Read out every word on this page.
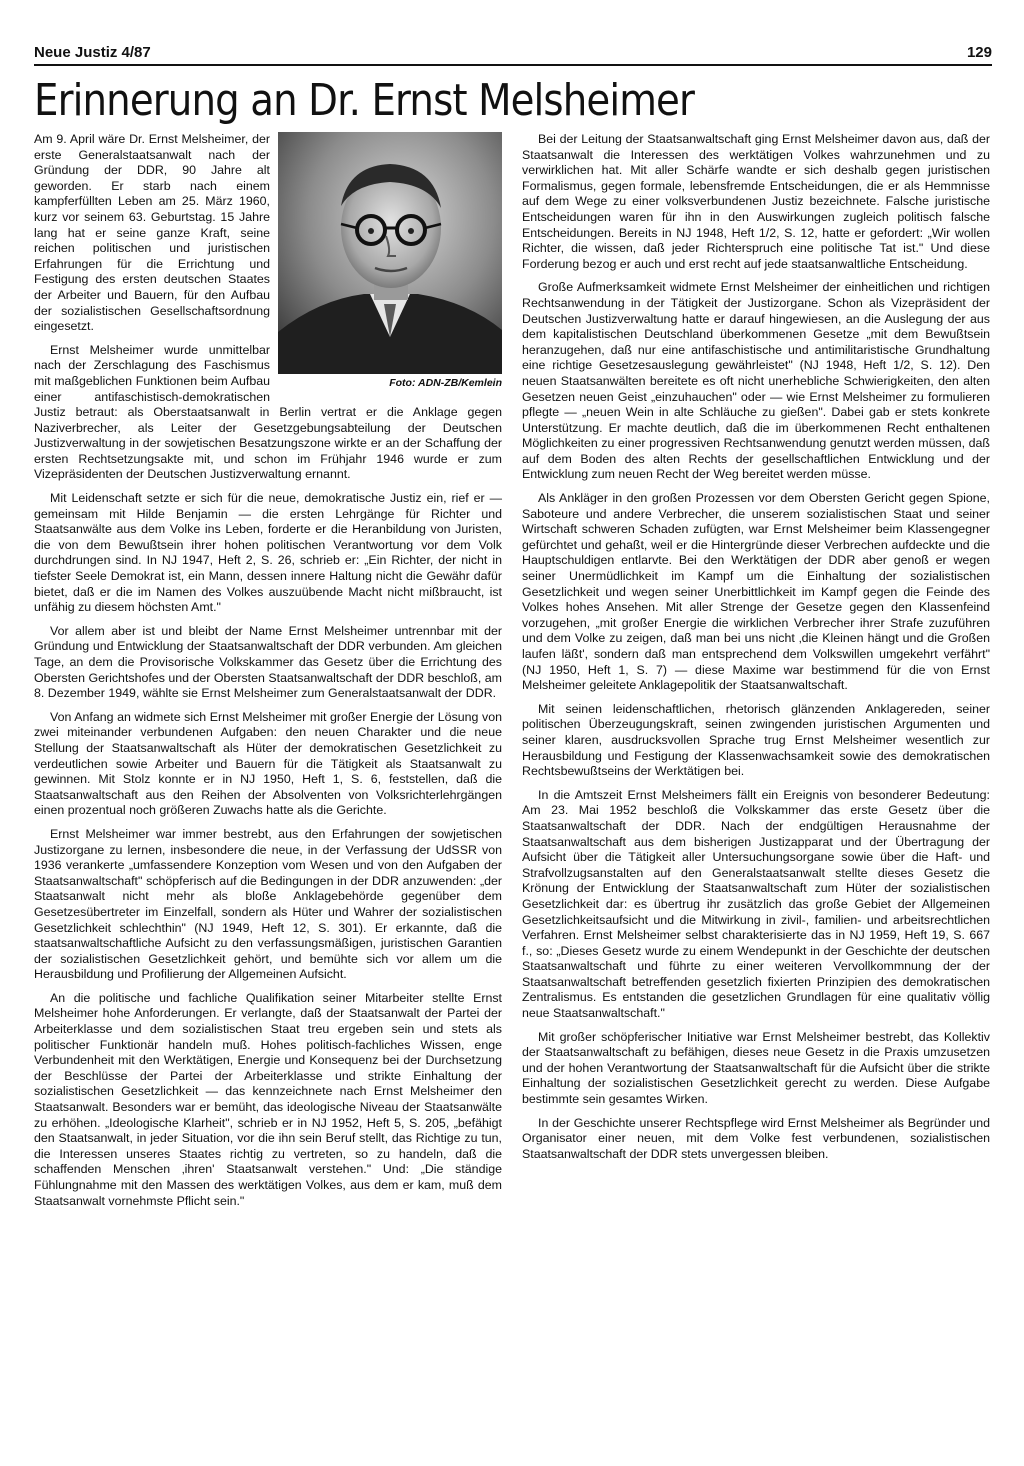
Neue Justiz 4/87	129
Erinnerung an Dr. Ernst Melsheimer
Foto: ADN-ZB/Kemlein

Am 9. April wäre Dr. Ernst Melsheimer, der erste Generalstaatsanwalt nach der Gründung der DDR, 90 Jahre alt geworden. Er starb nach einem kampferfüllten Leben am 25. März 1960, kurz vor seinem 63. Geburtstag. 15 Jahre lang hat er seine ganze Kraft, seine reichen politischen und juristischen Erfahrungen für die Errichtung und Festigung des ersten deutschen Staates der Arbeiter und Bauern, für den Aufbau der sozialistischen Gesellschaftsordnung eingesetzt.

Ernst Melsheimer wurde unmittelbar nach der Zerschlagung des Faschismus mit maßgeblichen Funktionen beim Aufbau einer antifaschistisch-demokratischen Justiz betraut: als Oberstaatsanwalt in Berlin vertrat er die Anklage gegen Naziverbrecher, als Leiter der Gesetzgebungsabteilung der Deutschen Justizverwaltung in der sowjetischen Besatzungszone wirkte er an der Schaffung der ersten Rechtsetzungsakte mit, und schon im Frühjahr 1946 wurde er zum Vizepräsidenten der Deutschen Justizverwaltung ernannt.

Mit Leidenschaft setzte er sich für die neue, demokratische Justiz ein, rief er — gemeinsam mit Hilde Benjamin — die ersten Lehrgänge für Richter und Staatsanwälte aus dem Volke ins Leben, forderte er die Heranbildung von Juristen, die von dem Bewußtsein ihrer hohen politischen Verantwortung vor dem Volk durchdrungen sind. In NJ 1947, Heft 2, S. 26, schrieb er: „Ein Richter, der nicht in tiefster Seele Demokrat ist, ein Mann, dessen innere Haltung nicht die Gewähr dafür bietet, daß er die im Namen des Volkes auszuübende Macht nicht mißbraucht, ist unfähig zu diesem höchsten Amt."

Vor allem aber ist und bleibt der Name Ernst Melsheimer untrennbar mit der Gründung und Entwicklung der Staatsanwaltschaft der DDR verbunden. Am gleichen Tage, an dem die Provisorische Volkskammer das Gesetz über die Errichtung des Obersten Gerichtshofes und der Obersten Staatsanwaltschaft der DDR beschloß, am 8. Dezember 1949, wählte sie Ernst Melsheimer zum Generalstaatsanwalt der DDR.

Von Anfang an widmete sich Ernst Melsheimer mit großer Energie der Lösung von zwei miteinander verbundenen Aufgaben: den neuen Charakter und die neue Stellung der Staatsanwaltschaft als Hüter der demokratischen Gesetzlichkeit zu verdeutlichen sowie Arbeiter und Bauern für die Tätigkeit als Staatsanwalt zu gewinnen. Mit Stolz konnte er in NJ 1950, Heft 1, S. 6, feststellen, daß die Staatsanwaltschaft aus den Reihen der Absolventen von Volksrichterlehrgängen einen prozentual noch größeren Zuwachs hatte als die Gerichte.

Ernst Melsheimer war immer bestrebt, aus den Erfahrungen der sowjetischen Justizorgane zu lernen, insbesondere die neue, in der Verfassung der UdSSR von 1936 verankerte „umfassendere Konzeption vom Wesen und von den Aufgaben der Staatsanwaltschaft" schöpferisch auf die Bedingungen in der DDR anzuwenden: „der Staatsanwalt nicht mehr als bloße Anklagebehörde gegenüber dem Gesetzesübertreter im Einzelfall, sondern als Hüter und Wahrer der sozialistischen Gesetzlichkeit schlechthin" (NJ 1949, Heft 12, S. 301). Er erkannte, daß die staatsanwaltschaftliche Aufsicht zu den verfassungsmäßigen, juristischen Garantien der sozialistischen Gesetzlichkeit gehört, und bemühte sich vor allem um die Herausbildung und Profilierung der Allgemeinen Aufsicht.

An die politische und fachliche Qualifikation seiner Mitarbeiter stellte Ernst Melsheimer hohe Anforderungen. Er verlangte, daß der Staatsanwalt der Partei der Arbeiterklasse und dem sozialistischen Staat treu ergeben sein und stets als politischer Funktionär handeln muß. Hohes politisch-fachliches Wissen, enge Verbundenheit mit den Werktätigen, Energie und Konsequenz bei der Durchsetzung der Beschlüsse der Partei der Arbeiterklasse und strikte Einhaltung der sozialistischen Gesetzlichkeit — das kennzeichnete nach Ernst Melsheimer den Staatsanwalt. Besonders war er bemüht, das ideologische Niveau der Staatsanwälte zu erhöhen. „Ideologische Klarheit", schrieb er in NJ 1952, Heft 5, S. 205, „befähigt den Staatsanwalt, in jeder Situation, vor die ihn sein Beruf stellt, das Richtige zu tun, die Interessen unseres Staates richtig zu vertreten, so zu handeln, daß die schaffenden Menschen ‚ihren' Staatsanwalt verstehen." Und: „Die ständige Fühlungnahme mit den Massen des werktätigen Volkes, aus dem er kam, muß dem Staatsanwalt vornehmste Pflicht sein."

Bei der Leitung der Staatsanwaltschaft ging Ernst Melsheimer davon aus, daß der Staatsanwalt die Interessen des werktätigen Volkes wahrzunehmen und zu verwirklichen hat. Mit aller Schärfe wandte er sich deshalb gegen juristischen Formalismus, gegen formale, lebensfremde Entscheidungen, die er als Hemmnisse auf dem Wege zu einer volksverbundenen Justiz bezeichnete. Falsche juristische Entscheidungen waren für ihn in den Auswirkungen zugleich politisch falsche Entscheidungen. Bereits in NJ 1948, Heft 1/2, S. 12, hatte er gefordert: „Wir wollen Richter, die wissen, daß jeder Richterspruch eine politische Tat ist." Und diese Forderung bezog er auch und erst recht auf jede staatsanwaltliche Entscheidung.

Große Aufmerksamkeit widmete Ernst Melsheimer der einheitlichen und richtigen Rechtsanwendung in der Tätigkeit der Justizorgane. Schon als Vizepräsident der Deutschen Justizverwaltung hatte er darauf hingewiesen, an die Auslegung der aus dem kapitalistischen Deutschland überkommenen Gesetze „mit dem Bewußtsein heranzugehen, daß nur eine antifaschistische und antimilitaristische Grundhaltung eine richtige Gesetzesauslegung gewährleistet" (NJ 1948, Heft 1/2, S. 12). Den neuen Staatsanwälten bereitete es oft nicht unerhebliche Schwierigkeiten, den alten Gesetzen neuen Geist „einzuhauchen" oder — wie Ernst Melsheimer zu formulieren pflegte — „neuen Wein in alte Schläuche zu gießen". Dabei gab er stets konkrete Unterstützung. Er machte deutlich, daß die im überkommenen Recht enthaltenen Möglichkeiten zu einer progressiven Rechtsanwendung genutzt werden müssen, daß auf dem Boden des alten Rechts der gesellschaftlichen Entwicklung und der Entwicklung zum neuen Recht der Weg bereitet werden müsse.

Als Ankläger in den großen Prozessen vor dem Obersten Gericht gegen Spione, Saboteure und andere Verbrecher, die unserem sozialistischen Staat und seiner Wirtschaft schweren Schaden zufügten, war Ernst Melsheimer beim Klassengegner gefürchtet und gehaßt, weil er die Hintergründe dieser Verbrechen aufdeckte und die Hauptschuldigen entlarvte. Bei den Werktätigen der DDR aber genoß er wegen seiner Unermüdlichkeit im Kampf um die Einhaltung der sozialistischen Gesetzlichkeit und wegen seiner Unerbittlichkeit im Kampf gegen die Feinde des Volkes hohes Ansehen. Mit aller Strenge der Gesetze gegen den Klassenfeind vorzugehen, „mit großer Energie die wirklichen Verbrecher ihrer Strafe zuzuführen und dem Volke zu zeigen, daß man bei uns nicht ‚die Kleinen hängt und die Großen laufen läßt', sondern daß man entsprechend dem Volkswillen umgekehrt verfährt" (NJ 1950, Heft 1, S. 7) — diese Maxime war bestimmend für die von Ernst Melsheimer geleitete Anklagepolitik der Staatsanwaltschaft.

Mit seinen leidenschaftlichen, rhetorisch glänzenden Anklagereden, seiner politischen Überzeugungskraft, seinen zwingenden juristischen Argumenten und seiner klaren, ausdrucksvollen Sprache trug Ernst Melsheimer wesentlich zur Herausbildung und Festigung der Klassenwachsamkeit sowie des demokratischen Rechtsbewußtseins der Werktätigen bei.

In die Amtszeit Ernst Melsheimers fällt ein Ereignis von besonderer Bedeutung: Am 23. Mai 1952 beschloß die Volkskammer das erste Gesetz über die Staatsanwaltschaft der DDR. Nach der endgültigen Herausnahme der Staatsanwaltschaft aus dem bisherigen Justizapparat und der Übertragung der Aufsicht über die Tätigkeit aller Untersuchungsorgane sowie über die Haft- und Strafvollzugsanstalten auf den Generalstaatsanwalt stellte dieses Gesetz die Krönung der Entwicklung der Staatsanwaltschaft zum Hüter der sozialistischen Gesetzlichkeit dar: es übertrug ihr zusätzlich das große Gebiet der Allgemeinen Gesetzlichkeitsaufsicht und die Mitwirkung in zivil-, familien- und arbeitsrechtlichen Verfahren. Ernst Melsheimer selbst charakterisierte das in NJ 1959, Heft 19, S. 667 f., so: „Dieses Gesetz wurde zu einem Wendepunkt in der Geschichte der deutschen Staatsanwaltschaft und führte zu einer weiteren Vervollkommnung der der Staatsanwaltschaft betreffenden gesetzlich fixierten Prinzipien des demokratischen Zentralismus. Es entstanden die gesetzlichen Grundlagen für eine qualitativ völlig neue Staatsanwaltschaft."

Mit großer schöpferischer Initiative war Ernst Melsheimer bestrebt, das Kollektiv der Staatsanwaltschaft zu befähigen, dieses neue Gesetz in die Praxis umzusetzen und der hohen Verantwortung der Staatsanwaltschaft für die Aufsicht über die strikte Einhaltung der sozialistischen Gesetzlichkeit gerecht zu werden. Diese Aufgabe bestimmte sein gesamtes Wirken.

In der Geschichte unserer Rechtspflege wird Ernst Melsheimer als Begründer und Organisator einer neuen, mit dem Volke fest verbundenen, sozialistischen Staatsanwaltschaft der DDR stets unvergessen bleiben.
